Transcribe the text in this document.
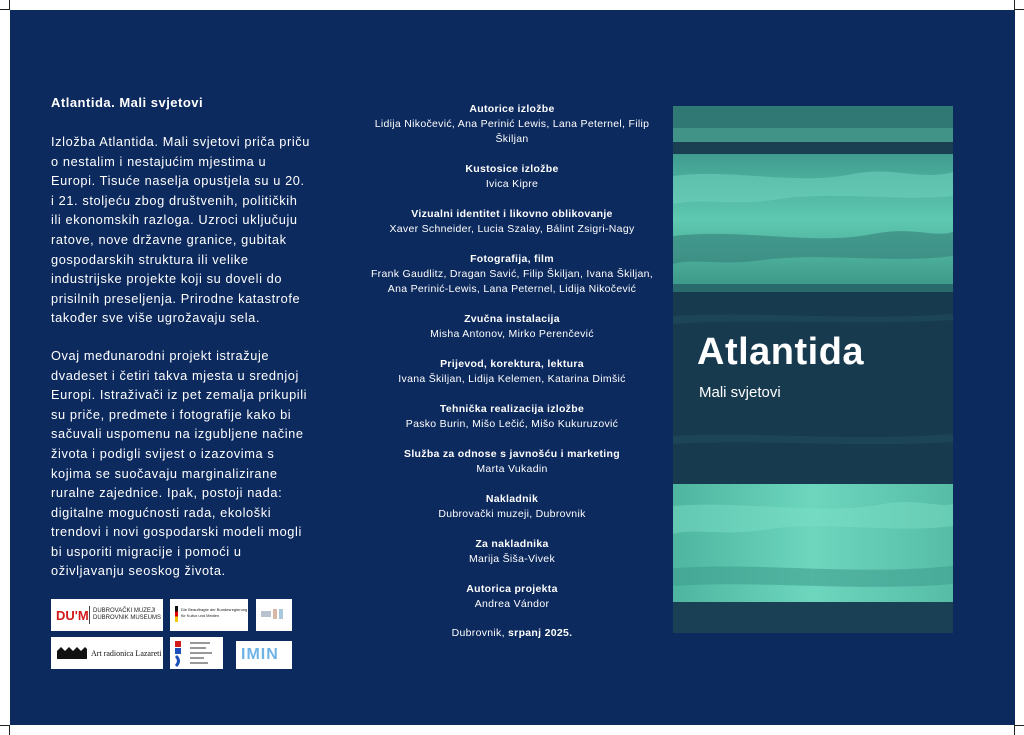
Atlantida. Mali svjetovi

Izložba Atlantida. Mali svjetovi priča priču o nestalim i nestajućim mjestima u Europi. Tisuće naselja opustjela su u 20. i 21. stoljeću zbog društvenih, političkih ili ekonomskih razloga. Uzroci uključuju ratove, nove državne granice, gubitak gospodarskih struktura ili velike industrijske projekte koji su doveli do prisilnih preseljenja. Prirodne katastrofe također sve više ugrožavaju sela.

Ovaj međunarodni projekt istražuje dvadeset i četiri takva mjesta u srednjoj Europi. Istraživači iz pet zemalja prikupili su priče, predmete i fotografije kako bi sačuvali uspomenu na izgubljene načine života i podigli svijest o izazovima s kojima se suočavaju marginalizirane ruralne zajednice. Ipak, postoji nada: digitalne mogućnosti rada, ekološki trendovi i novi gospodarski modeli mogli bi usporiti migracije i pomoći u oživljavanju seoskog života.

DU'M DUBROVAČKI MUZEJI
DUBROVNIK MUSEUMS
Die Beauftragte der Bundesregierung
für Kultur und Medien
Art radionica Lazareti	IMIN
Autorice izložbe
Lidija Nikočević, Ana Perinić Lewis, Lana Peternel, Filip Škiljan
Kustosice izložbe
Ivica Kipre
Vizualni identitet i likovno oblikovanje
Xaver Schneider, Lucia Szalay, Bálint Zsigri-Nagy
Fotografija, film
Frank Gaudlitz, Dragan Savić, Filip Škiljan, Ivana Škiljan, Ana Perinić-Lewis, Lana Peternel, Lidija Nikočević
Zvučna instalacija
Misha Antonov, Mirko Perenčević
Prijevod, korektura, lektura
Ivana Škiljan, Lidija Kelemen, Katarina Dimšić
Tehnička realizacija izložbe
Pasko Burin, Mišo Lečić, Mišo Kukuruzović
Služba za odnose s javnošću i marketing
Marta Vukadin
Nakladnik
Dubrovački muzeji, Dubrovnik
Za nakladnika
Marija Šiša-Vivek
Autorica projekta
Andrea Vándor
Dubrovnik, srpanj 2025.
Atlantida
Mali svjetovi
